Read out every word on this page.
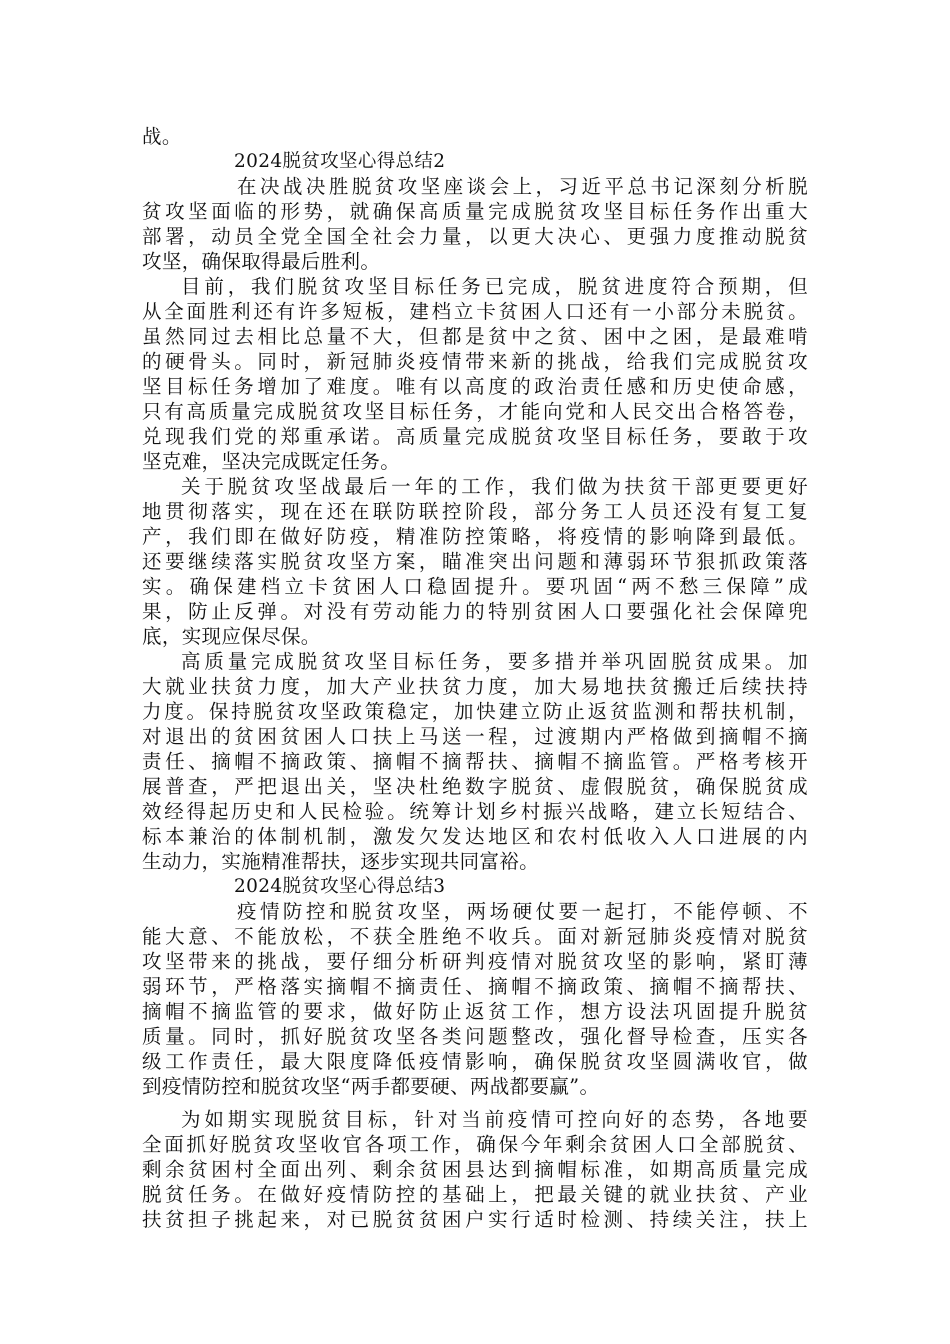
战。
2024脱贫攻坚心得总结2
在决战决胜脱贫攻坚座谈会上，习近平总书记深刻分析脱
贫攻坚面临的形势，就确保高质量完成脱贫攻坚目标任务作出重大
部署，动员全党全国全社会力量，以更大决心、更强力度推动脱贫
攻坚，确保取得最后胜利。
目前，我们脱贫攻坚目标任务已完成，脱贫进度符合预期，但
从全面胜利还有许多短板，建档立卡贫困人口还有一小部分未脱贫。
虽然同过去相比总量不大，但都是贫中之贫、困中之困，是最难啃
的硬骨头。同时，新冠肺炎疫情带来新的挑战，给我们完成脱贫攻
坚目标任务增加了难度。唯有以高度的政治责任感和历史使命感，
只有高质量完成脱贫攻坚目标任务，才能向党和人民交出合格答卷，
兑现我们党的郑重承诺。高质量完成脱贫攻坚目标任务，要敢于攻
坚克难，坚决完成既定任务。
关于脱贫攻坚战最后一年的工作，我们做为扶贫干部更要更好
地贯彻落实，现在还在联防联控阶段，部分务工人员还没有复工复
产，我们即在做好防疫，精准防控策略，将疫情的影响降到最低。
还要继续落实脱贫攻坚方案，瞄准突出问题和薄弱环节狠抓政策落
实。确保建档立卡贫困人口稳固提升。要巩固“两不愁三保障”成
果，防止反弹。对没有劳动能力的特别贫困人口要强化社会保障兜
底，实现应保尽保。
高质量完成脱贫攻坚目标任务，要多措并举巩固脱贫成果。加
大就业扶贫力度，加大产业扶贫力度，加大易地扶贫搬迁后续扶持
力度。保持脱贫攻坚政策稳定，加快建立防止返贫监测和帮扶机制，
对退出的贫困贫困人口扶上马送一程，过渡期内严格做到摘帽不摘
责任、摘帽不摘政策、摘帽不摘帮扶、摘帽不摘监管。严格考核开
展普查，严把退出关，坚决杜绝数字脱贫、虚假脱贫，确保脱贫成
效经得起历史和人民检验。统筹计划乡村振兴战略，建立长短结合、
标本兼治的体制机制，激发欠发达地区和农村低收入人口进展的内
生动力，实施精准帮扶，逐步实现共同富裕。
2024脱贫攻坚心得总结3
疫情防控和脱贫攻坚，两场硬仗要一起打，不能停顿、不
能大意、不能放松，不获全胜绝不收兵。面对新冠肺炎疫情对脱贫
攻坚带来的挑战，要仔细分析研判疫情对脱贫攻坚的影响，紧盯薄
弱环节，严格落实摘帽不摘责任、摘帽不摘政策、摘帽不摘帮扶、
摘帽不摘监管的要求，做好防止返贫工作，想方设法巩固提升脱贫
质量。同时，抓好脱贫攻坚各类问题整改，强化督导检查，压实各
级工作责任，最大限度降低疫情影响，确保脱贫攻坚圆满收官，做
到疫情防控和脱贫攻坚“两手都要硬、两战都要赢”。
为如期实现脱贫目标，针对当前疫情可控向好的态势，各地要
全面抓好脱贫攻坚收官各项工作，确保今年剩余贫困人口全部脱贫、
剩余贫困村全面出列、剩余贫困县达到摘帽标准，如期高质量完成
脱贫任务。在做好疫情防控的基础上，把最关键的就业扶贫、产业
扶贫担子挑起来，对已脱贫贫困户实行适时检测、持续关注，扶上
